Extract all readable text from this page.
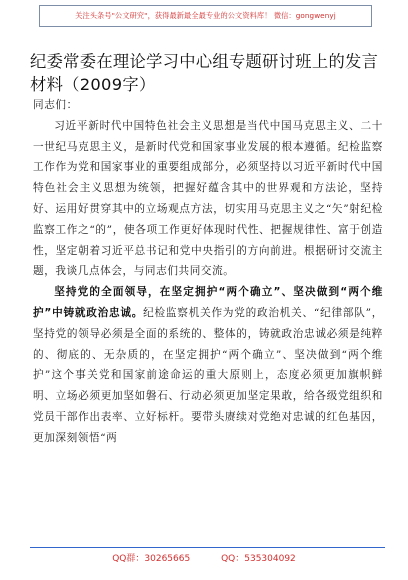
关注头条号"公文研究"，获得最新最全最专业的公文资料库！ 微信：gongwenyj
纪委常委在理论学习中心组专题研讨班上的发言材料（2009字）

同志们：

习近平新时代中国特色社会主义思想是当代中国马克思主义、二十一世纪马克思主义，是新时代党和国家事业发展的根本遵循。纪检监察工作作为党和国家事业的重要组成部分，必须坚持以习近平新时代中国特色社会主义思想为统领，把握好蕴含其中的世界观和方法论，坚持好、运用好贯穿其中的立场观点方法，切实用马克思主义之“矢”射纪检监察工作之“的”，使各项工作更好体现时代性、把握规律性、富于创造性，坚定朝着习近平总书记和党中央指引的方向前进。根据研讨交流主题，我谈几点体会，与同志们共同交流。

坚持党的全面领导，在坚定拥护“两个确立”、坚决做到“两个维护”中铸就政治忠诚。纪检监察机关作为党的政治机关、“纪律部队”，坚持党的领导必须是全面的系统的、整体的，铸就政治忠诚必须是纯粹的、彻底的、无杂质的，在坚定拥护“两个确立”、坚决做到“两个维护”这个事关党和国家前途命运的重大原则上，态度必须更加旗帜鲜明、立场必须更加坚如磐石、行动必须更加坚定果敢，给各级党组织和党员干部作出表率、立好标杆。要带头赓续对党绝对忠诚的红色基因，更加深刻领悟“两

QQ群：30265665	QQ：535304092
